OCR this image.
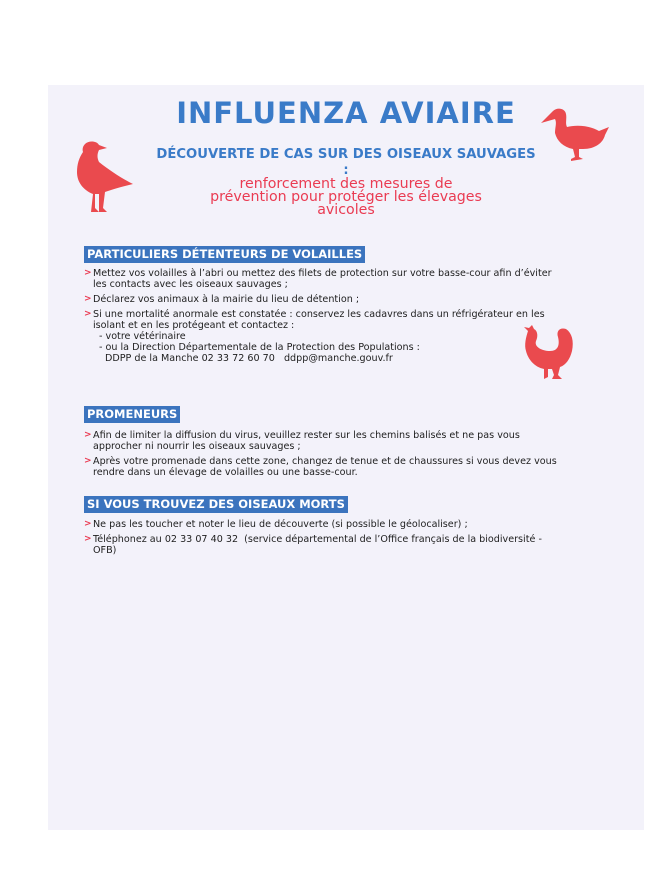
INFLUENZA AVIAIRE
DÉCOUVERTE DE CAS SUR DES OISEAUX SAUVAGES
:
renforcement des mesures de
prévention pour protéger les élevages
avicoles
PARTICULIERS DÉTENTEURS DE VOLAILLES
> Mettez vos volailles à l’abri ou mettez des filets de protection sur votre basse-cour afin d’éviter
les contacts avec les oiseaux sauvages ;
> Déclarez vos animaux à la mairie du lieu de détention ;
> Si une mortalité anormale est constatée : conservez les cadavres dans un réfrigérateur en les
isolant et en les protégeant et contactez :
- votre vétérinaire
- ou la Direction Départementale de la Protection des Populations :
DDPP de la Manche 02 33 72 60 70   ddpp@manche.gouv.fr
PROMENEURS
> Afin de limiter la diffusion du virus, veuillez rester sur les chemins balisés et ne pas vous
approcher ni nourrir les oiseaux sauvages ;
> Après votre promenade dans cette zone, changez de tenue et de chaussures si vous devez vous
rendre dans un élevage de volailles ou une basse-cour.
SI VOUS TROUVEZ DES OISEAUX MORTS
> Ne pas les toucher et noter le lieu de découverte (si possible le géolocaliser) ;
> Téléphonez au 02 33 07 40 32  (service départemental de l’Office français de la biodiversité -
OFB)
